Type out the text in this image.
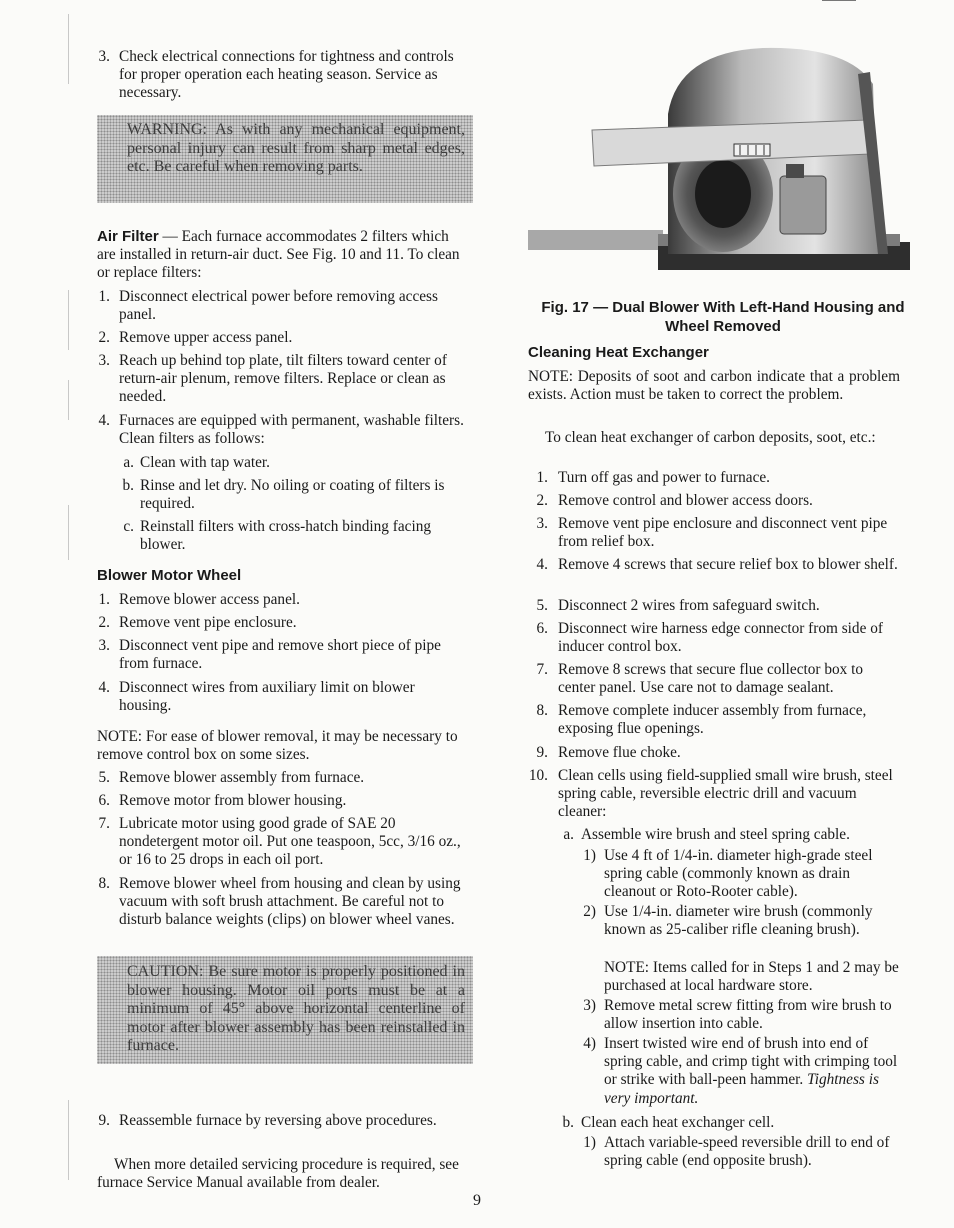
3. Check electrical connections for tightness and controls for proper operation each heating season. Service as necessary.

WARNING: As with any mechanical equipment, personal injury can result from sharp metal edges, etc. Be careful when removing parts.

Air Filter — Each furnace accommodates 2 filters which are installed in return-air duct. See Fig. 10 and 11. To clean or replace filters:

1. Disconnect electrical power before removing access panel.

2. Remove upper access panel.

3. Reach up behind top plate, tilt filters toward center of return-air plenum, remove filters. Replace or clean as needed.

4. Furnaces are equipped with permanent, washable filters. Clean filters as follows:

a. Clean with tap water.

b. Rinse and let dry. No oiling or coating of filters is required.

c. Reinstall filters with cross-hatch binding facing blower.

Blower Motor Wheel

1. Remove blower access panel.

2. Remove vent pipe enclosure.

3. Disconnect vent pipe and remove short piece of pipe from furnace.

4. Disconnect wires from auxiliary limit on blower housing.

NOTE: For ease of blower removal, it may be necessary to remove control box on some sizes.

5. Remove blower assembly from furnace.

6. Remove motor from blower housing.

7. Lubricate motor using good grade of SAE 20 nondetergent motor oil. Put one teaspoon, 5cc, 3/16 oz., or 16 to 25 drops in each oil port.

8. Remove blower wheel from housing and clean by using vacuum with soft brush attachment. Be careful not to disturb balance weights (clips) on blower wheel vanes.

CAUTION: Be sure motor is properly positioned in blower housing. Motor oil ports must be at a minimum of 45° above horizontal centerline of motor after blower assembly has been reinstalled in furnace.
9. Reassemble furnace by reversing above procedures.

When more detailed servicing procedure is required, see furnace Service Manual available from dealer.

Fig. 17 — Dual Blower With Left-Hand Housing and Wheel Removed

Cleaning Heat Exchanger

NOTE: Deposits of soot and carbon indicate that a problem exists. Action must be taken to correct the problem.

To clean heat exchanger of carbon deposits, soot, etc.:

1. Turn off gas and power to furnace.

2. Remove control and blower access doors.

3. Remove vent pipe enclosure and disconnect vent pipe from relief box.

4. Remove 4 screws that secure relief box to blower shelf.

5. Disconnect 2 wires from safeguard switch.

6. Disconnect wire harness edge connector from side of inducer control box.

7. Remove 8 screws that secure flue collector box to center panel. Use care not to damage sealant.

8. Remove complete inducer assembly from furnace, exposing flue openings.

9. Remove flue choke.

10. Clean cells using field-supplied small wire brush, steel spring cable, reversible electric drill and vacuum cleaner:

a. Assemble wire brush and steel spring cable.

1) Use 4 ft of 1/4-in. diameter high-grade steel spring cable (commonly known as drain cleanout or Roto-Rooter cable).

2) Use 1/4-in. diameter wire brush (commonly known as 25-caliber rifle cleaning brush).

NOTE: Items called for in Steps 1 and 2 may be purchased at local hardware store.

3) Remove metal screw fitting from wire brush to allow insertion into cable.

4) Insert twisted wire end of brush into end of spring cable, and crimp tight with crimping tool or strike with ball-peen hammer. Tightness is very important.

b. Clean each heat exchanger cell.

1) Attach variable-speed reversible drill to end of spring cable (end opposite brush).

9
